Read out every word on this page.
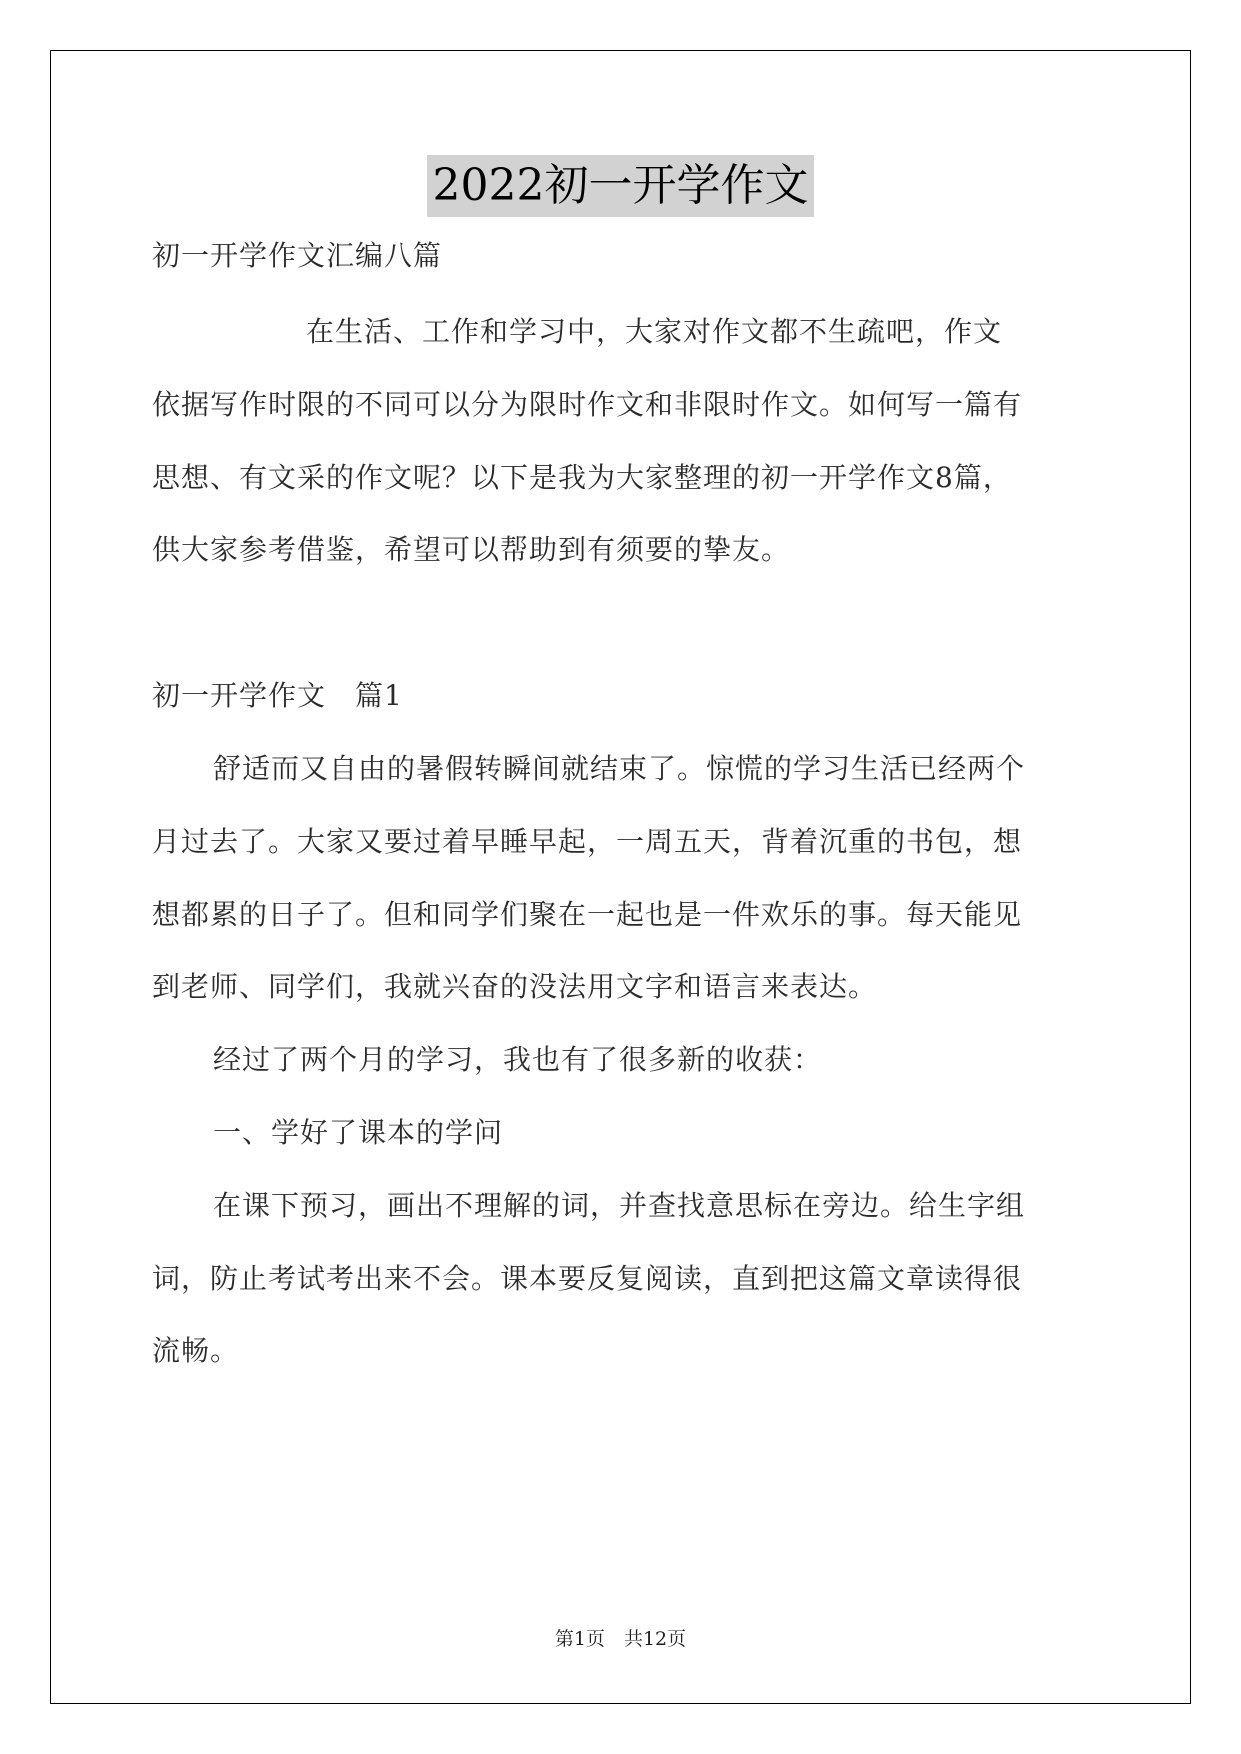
2022初一开学作文
初一开学作文汇编八篇
在生活、工作和学习中，大家对作文都不生疏吧，作文
依据写作时限的不同可以分为限时作文和非限时作文。如何写一篇有
思想、有文采的作文呢？以下是我为大家整理的初一开学作文8篇，
供大家参考借鉴，希望可以帮助到有须要的挚友。
初一开学作文　篇1
舒适而又自由的暑假转瞬间就结束了。惊慌的学习生活已经两个
月过去了。大家又要过着早睡早起，一周五天，背着沉重的书包，想
想都累的日子了。但和同学们聚在一起也是一件欢乐的事。每天能见
到老师、同学们，我就兴奋的没法用文字和语言来表达。
经过了两个月的学习，我也有了很多新的收获：
一、学好了课本的学问
在课下预习，画出不理解的词，并查找意思标在旁边。给生字组
词，防止考试考出来不会。课本要反复阅读，直到把这篇文章读得很
流畅。
第1页　共12页
